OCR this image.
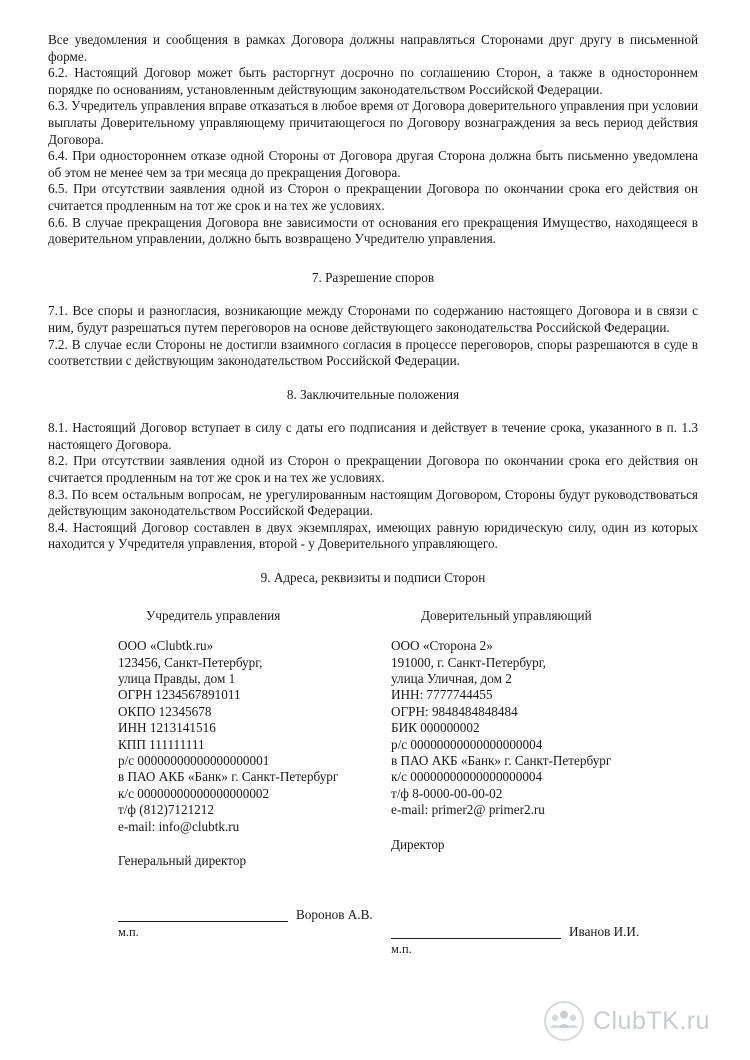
Все уведомления и сообщения в рамках Договора должны направляться Сторонами друг другу в письменной форме.

6.2. Настоящий Договор может быть расторгнут досрочно по соглашению Сторон, а также в одностороннем порядке по основаниям, установленным действующим законодательством Российской Федерации.

6.3. Учредитель управления вправе отказаться в любое время от Договора доверительного управления при условии выплаты Доверительному управляющему причитающегося по Договору вознаграждения за весь период действия Договора.

6.4. При одностороннем отказе одной Стороны от Договора другая Сторона должна быть письменно уведомлена об этом не менее чем за три месяца до прекращения Договора.

6.5. При отсутствии заявления одной из Сторон о прекращении Договора по окончании срока его действия он считается продленным на тот же срок и на тех же условиях.

6.6. В случае прекращения Договора вне зависимости от основания его прекращения Имущество, находящееся в доверительном управлении, должно быть возвращено Учредителю управления.

7. Разрешение споров

7.1. Все споры и разногласия, возникающие между Сторонами по содержанию настоящего Договора и в связи с ним, будут разрешаться путем переговоров на основе действующего законодательства Российской Федерации.

7.2. В случае если Стороны не достигли взаимного согласия в процессе переговоров, споры разрешаются в суде в соответствии с действующим законодательством Российской Федерации.

8. Заключительные положения

8.1. Настоящий Договор вступает в силу с даты его подписания и действует в течение срока, указанного в п. 1.3 настоящего Договора.

8.2. При отсутствии заявления одной из Сторон о прекращении Договора по окончании срока его действия он считается продленным на тот же срок и на тех же условиях.

8.3. По всем остальным вопросам, не урегулированным настоящим Договором, Стороны будут руководствоваться действующим законодательством Российской Федерации.

8.4. Настоящий Договор составлен в двух экземплярах, имеющих равную юридическую силу, один из которых находится у Учредителя управления, второй - у Доверительного управляющего.

9. Адреса, реквизиты и подписи Сторон

Учредитель управления

ООО «Clubtk.ru»

123456, Санкт-Петербург,

улица Правды, дом 1

ОГРН 1234567891011

ОКПО 12345678

ИНН 1213141516

КПП 111111111

р/с 00000000000000000001

в ПАО АКБ «Банк» г. Санкт-Петербург

к/с 00000000000000000002

т/ф (812)7121212

e-mail: info@clubtk.ru

Генеральный директор

Воронов А.В.

м.п.

Доверительный управляющий

ООО «Сторона 2»

191000, г. Санкт-Петербург,

улица Уличная, дом 2

ИНН: 7777744455

ОГРН: 9848484848484

БИК 000000002

р/с 00000000000000000004

в ПАО АКБ «Банк» г. Санкт-Петербург

к/с 00000000000000000004

т/ф 8-0000-00-00-02

e-mail: primer2@ primer2.ru

Директор

Иванов И.И.

м.п.

ClubTK.ru
